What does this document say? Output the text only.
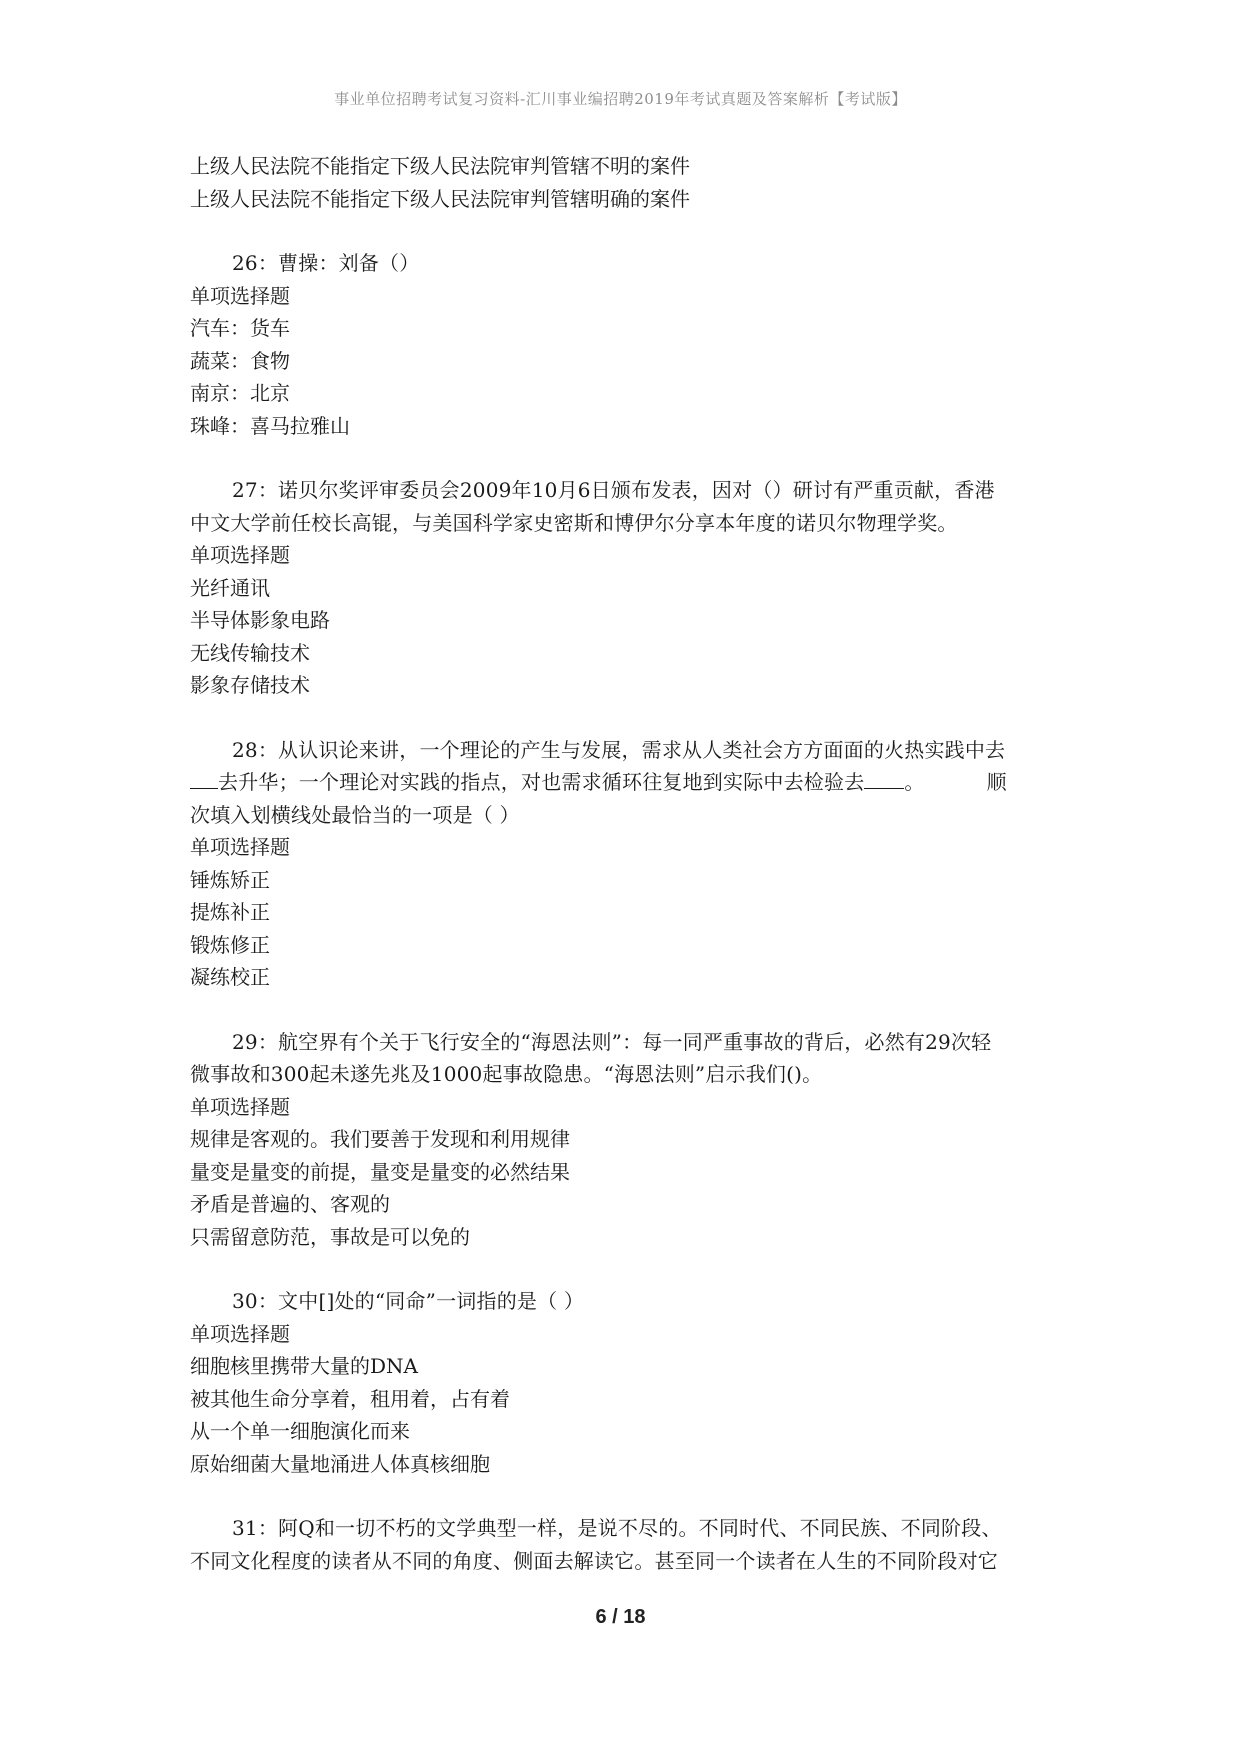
事业单位招聘考试复习资料-汇川事业编招聘2019年考试真题及答案解析【考试版】
上级人民法院不能指定下级人民法院审判管辖不明的案件
上级人民法院不能指定下级人民法院审判管辖明确的案件
26：曹操：刘备（）
单项选择题
汽车：货车
蔬菜：食物
南京：北京
珠峰：喜马拉雅山
27：诺贝尔奖评审委员会2009年10月6日颁布发表，因对（）研讨有严重贡献，香港
中文大学前任校长高锟，与美国科学家史密斯和博伊尔分享本年度的诺贝尔物理学奖。
单项选择题
光纤通讯
半导体影象电路
无线传输技术
影象存储技术
28：从认识论来讲，一个理论的产生与发展，需求从人类社会方方面面的火热实践中去
去升华；一个理论对实践的指点，对也需求循环往复地到实际中去检验去 。	顺
次填入划横线处最恰当的一项是（ ）
单项选择题
锤炼矫正
提炼补正
锻炼修正
凝练校正
29：航空界有个关于飞行安全的“海恩法则”：每一同严重事故的背后，必然有29次轻
微事故和300起未遂先兆及1000起事故隐患。“海恩法则”启示我们()。
单项选择题
规律是客观的。我们要善于发现和利用规律
量变是量变的前提，量变是量变的必然结果
矛盾是普遍的、客观的
只需留意防范，事故是可以免的
30：文中[]处的“同命”一词指的是（ ）
单项选择题
细胞核里携带大量的DNA
被其他生命分享着，租用着，占有着
从一个单一细胞演化而来
原始细菌大量地涌进人体真核细胞
31：阿Q和一切不朽的文学典型一样，是说不尽的。不同时代、不同民族、不同阶段、
不同文化程度的读者从不同的角度、侧面去解读它。甚至同一个读者在人生的不同阶段对它
6 / 18
